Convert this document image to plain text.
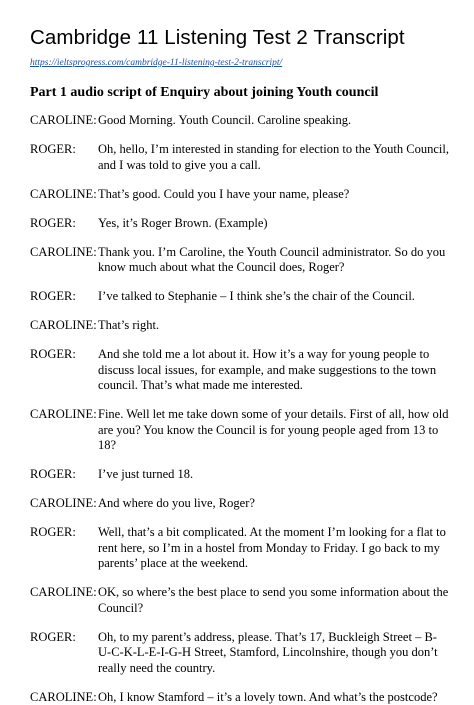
Cambridge 11 Listening Test 2 Transcript
https://ieltsprogress.com/cambridge-11-listening-test-2-transcript/
Part 1 audio script of Enquiry about joining Youth council
CAROLINE: Good Morning. Youth Council. Caroline speaking.
ROGER:	Oh, hello, I’m interested in standing for election to the Youth Council, and I was told to give you a call.
CAROLINE: That’s good. Could you I have your name, please?
ROGER:	Yes, it’s Roger Brown. (Example)
CAROLINE: Thank you. I’m Caroline, the Youth Council administrator. So do you know much about what the Council does, Roger?
ROGER:	I’ve talked to Stephanie – I think she’s the chair of the Council.
CAROLINE: That’s right.
ROGER:	And she told me a lot about it. How it’s a way for young people to discuss local issues, for example, and make suggestions to the town council. That’s what made me interested.
CAROLINE: Fine. Well let me take down some of your details. First of all, how old are you? You know the Council is for young people aged from 13 to 18?
ROGER:	I’ve just turned 18.
CAROLINE: And where do you live, Roger?
ROGER:	Well, that’s a bit complicated. At the moment I’m looking for a flat to rent here, so I’m in a hostel from Monday to Friday. I go back to my parents’ place at the weekend.
CAROLINE: OK, so where’s the best place to send you some information about the Council?
ROGER:	Oh, to my parent’s address, please. That’s 17, Buckleigh Street – B-U-C-K-L-E-I-G-H Street, Stamford, Lincolnshire, though you don’t really need the country.
CAROLINE: Oh, I know Stamford – it’s a lovely town. And what’s the postcode?
